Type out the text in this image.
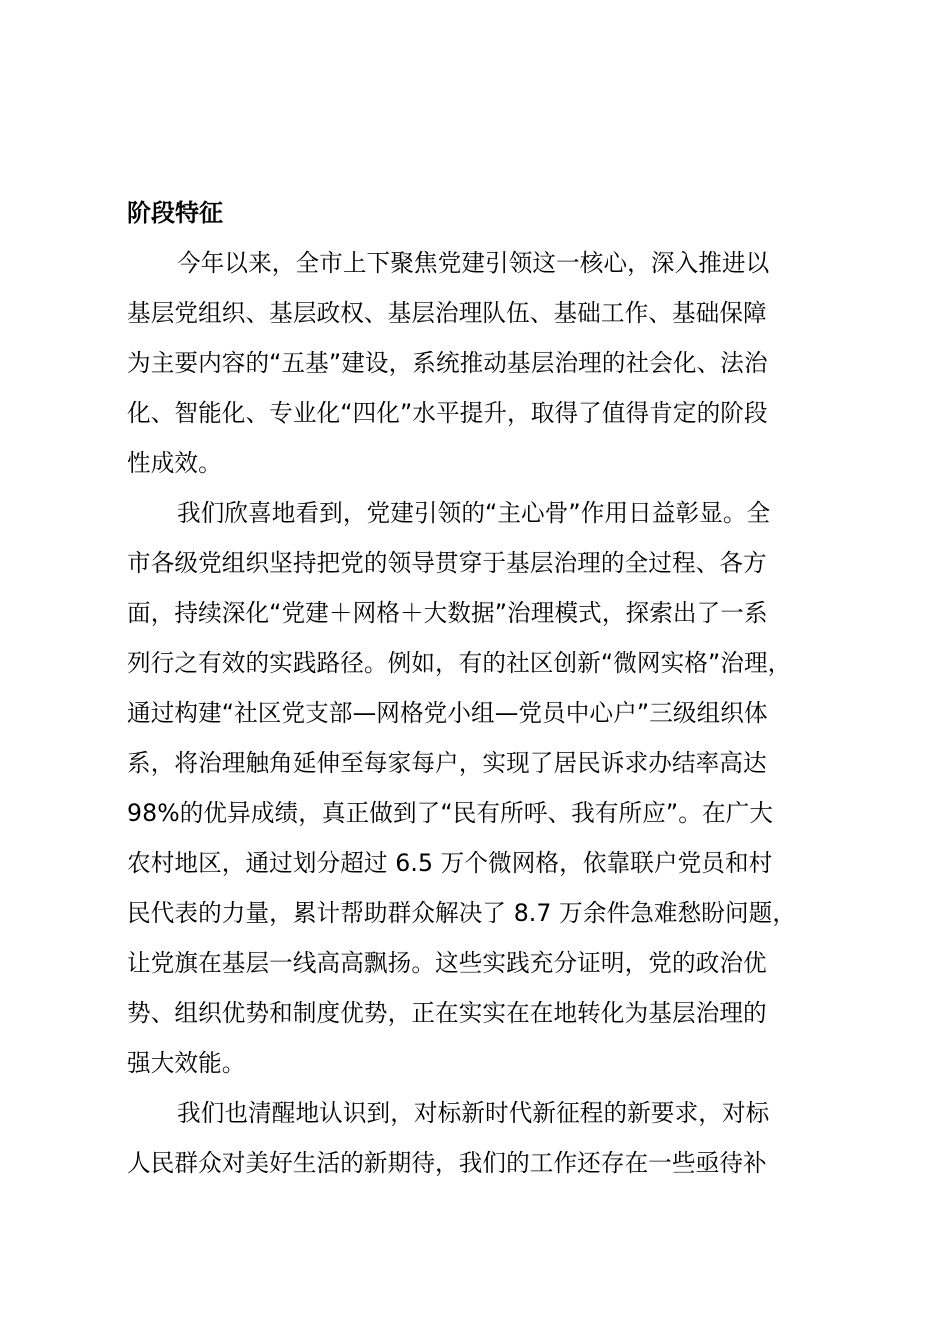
阶段特征
今年以来，全市上下聚焦党建引领这一核心，深入推进以
基层党组织、基层政权、基层治理队伍、基础工作、基础保障
为主要内容的“五基”建设，系统推动基层治理的社会化、法治
化、智能化、专业化“四化”水平提升，取得了值得肯定的阶段
性成效。
我们欣喜地看到，党建引领的“主心骨”作用日益彰显。全
市各级党组织坚持把党的领导贯穿于基层治理的全过程、各方
面，持续深化“党建＋网格＋大数据”治理模式，探索出了一系
列行之有效的实践路径。例如，有的社区创新“微网实格”治理，
通过构建“社区党支部—网格党小组—党员中心户”三级组织体
系，将治理触角延伸至每家每户，实现了居民诉求办结率高达
98%的优异成绩，真正做到了“民有所呼、我有所应”。在广大
农村地区，通过划分超过 6.5 万个微网格，依靠联户党员和村
民代表的力量，累计帮助群众解决了 8.7 万余件急难愁盼问题，
让党旗在基层一线高高飘扬。这些实践充分证明，党的政治优
势、组织优势和制度优势，正在实实在在地转化为基层治理的
强大效能。
我们也清醒地认识到，对标新时代新征程的新要求，对标
人民群众对美好生活的新期待，我们的工作还存在一些亟待补
